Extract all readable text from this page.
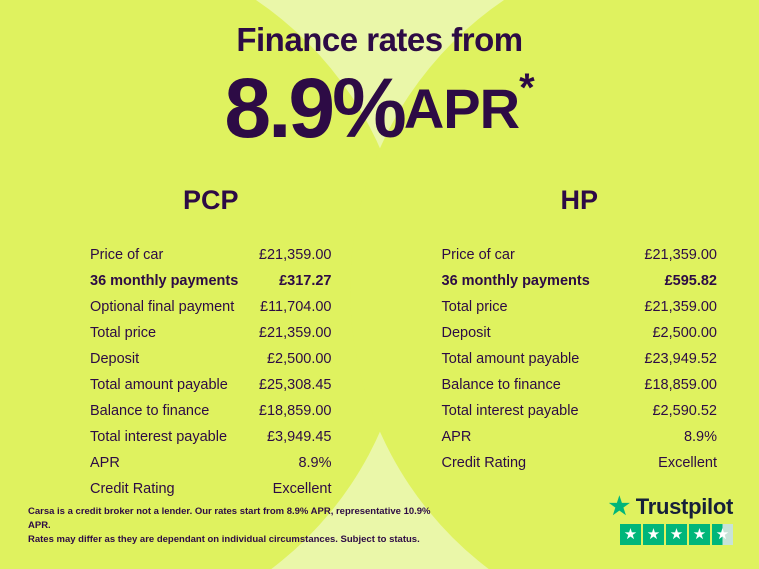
Finance rates from
8.9%APR*
PCP
Price of car	£21,359.00
36 monthly payments	£317.27
Optional final payment £11,704.00
Total price	£21,359.00
Deposit	£2,500.00
Total amount payable £25,308.45
Balance to finance	£18,859.00
Total interest payable	£3,949.45
APR	8.9%
Credit Rating	Excellent
HP
Price of car	£21,359.00
36 monthly payments	£595.82
Total price	£21,359.00
Deposit	£2,500.00
Total amount payable	£23,949.52
Balance to finance	£18,859.00
Total interest payable	£2,590.52
APR	8.9%
Credit Rating	Excellent
Carsa is a credit broker not a lender. Our rates start from 8.9% APR, representative 10.9% APR.
Rates may differ as they are dependant on individual circumstances. Subject to status.
★ Trustpilot
★ ★ ★ ★ ★
